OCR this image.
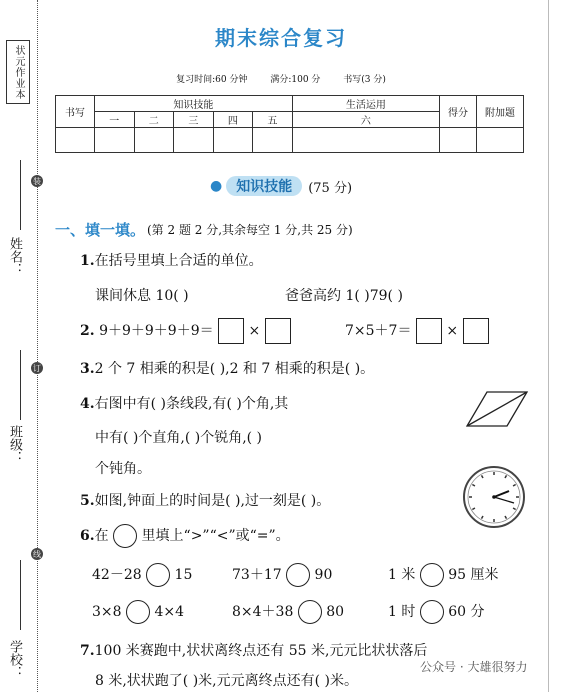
状元作业本
装
订
线
姓名：
班级：
学校：
期末综合复习
复习时间:60 分钟	满分:100 分	书写(3 分)
书写	知识技能					生活运用	得分	附加题
	一	二	三	四	五	六		

●	知识技能	(75 分)
一、填一填。 (第 2 题 2 分,其余每空 1 分,共 25 分)
1.在括号里填上合适的单位。
课间休息 10( )	爸爸高约 1( )79( )
2. 9＋9＋9＋9＋9＝ ×	7×5＋7＝ ×
3.2 个 7 相乘的积是( ),2 和 7 相乘的积是( )。
4.右图中有( )条线段,有( )个角,其
中有( )个直角,( )个锐角,( )
个钝角。
5.如图,钟面上的时间是( ),过一刻是( )。
6.在 里填上“>”“<”或“=”。
42－28 15	73＋17 90	1 米 95 厘米
3×8 4×4	8×4＋38 80	1 时 60 分
7.100 米赛跑中,状状离终点还有 55 米,元元比状状落后
8 米,状状跑了( )米,元元离终点还有( )米。
公众号 · 大雄很努力
